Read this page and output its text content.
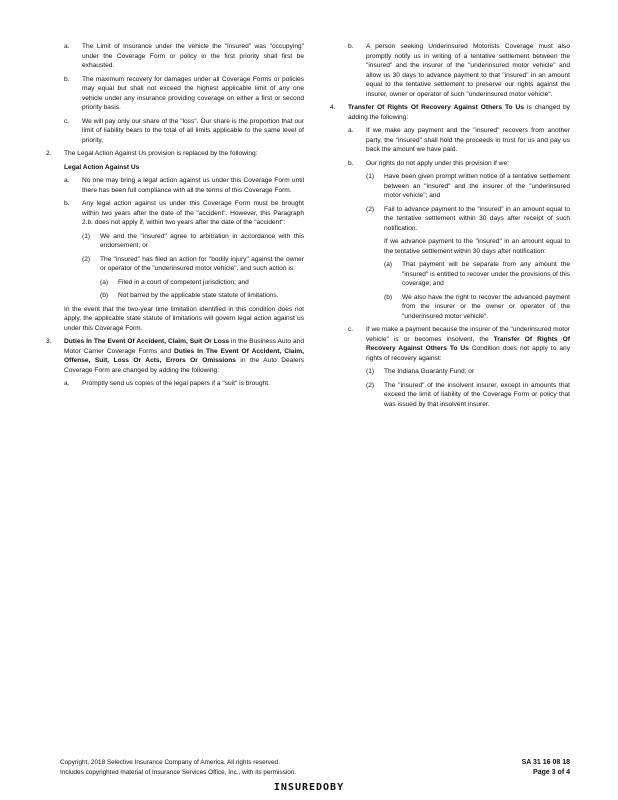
a.	The Limit of Insurance under the vehicle the "insured" was "occupying" under the Coverage Form or policy in the first priority shall first be exhausted.
b.	The maximum recovery for damages under all Coverage Forms or policies may equal but shall not exceed the highest applicable limit of any one vehicle under any insurance providing coverage on either a first or second priority basis.
c.	We will pay only our share of the "loss". Our share is the proportion that our limit of liability bears to the total of all limits applicable to the same level of priority.
2.	The Legal Action Against Us provision is replaced by the following:
Legal Action Against Us
a.	No one may bring a legal action against us under this Coverage Form until there has been full compliance with all the terms of this Coverage Form.
b.	Any legal action against us under this Coverage Form must be brought within two years after the date of the "accident". However, this Paragraph 2.b. does not apply if, within two years after the date of the "accident":
(1)	We and the "insured" agree to arbitration in accordance with this endorsement; or
(2)	The "insured" has filed an action for "bodily injury" against the owner or operator of the "underinsured motor vehicle", and such action is:
(a)	Filed in a court of competent jurisdiction; and
(b)	Not barred by the applicable state statute of limitations.
In the event that the two-year time limitation identified in this condition does not apply, the applicable state statute of limitations will govern legal action against us under this Coverage Form.
3.	Duties In The Event Of Accident, Claim, Suit Or Loss in the Business Auto and Motor Carrier Coverage Forms and Duties In The Event Of Accident, Claim, Offense, Suit, Loss Or Acts, Errors Or Omissions in the Auto Dealers Coverage Form are changed by adding the following:
a.	Promptly send us copies of the legal papers if a "suit" is brought.
b.	A person seeking Underinsured Motorists Coverage must also promptly notify us in writing of a tentative settlement between the "insured" and the insurer of the "underinsured motor vehicle" and allow us 30 days to advance payment to that "insured" in an amount equal to the tentative settlement to preserve our rights against the insurer, owner or operator of such "underinsured motor vehicle".
4.	Transfer Of Rights Of Recovery Against Others To Us is changed by adding the following:
a.	If we make any payment and the "insured" recovers from another party, the "insured" shall hold the proceeds in trust for us and pay us back the amount we have paid.
b.	Our rights do not apply under this provision if we:
(1)	Have been given prompt written notice of a tentative settlement between an "insured" and the insurer of the "underinsured motor vehicle"; and
(2)	Fail to advance payment to the "insured" in an amount equal to the tentative settlement within 30 days after receipt of such notification.
If we advance payment to the "insured" in an amount equal to the tentative settlement within 30 days after notification:
(a)	That payment will be separate from any amount the "insured" is entitled to recover under the provisions of this coverage; and
(b)	We also have the right to recover the advanced payment from the insurer or the owner or operator of the "underinsured motor vehicle".
c.	If we make a payment because the insurer of the "underinsured motor vehicle" is or becomes insolvent, the Transfer Of Rights Of Recovery Against Others To Us Condition does not apply to any rights of recovery against:
(1)	The Indiana Guaranty Fund; or
(2)	The "insured" of the insolvent insurer, except in amounts that exceed the limit of liability of the Coverage Form or policy that was issued by that insolvent insurer.
Copyright, 2018 Selective Insurance Company of America. All rights reserved.
Includes copyrighted material of Insurance Services Office, Inc., with its permission.
SA 31 16 08 18
Page 3 of 4
INSUREDOBY
